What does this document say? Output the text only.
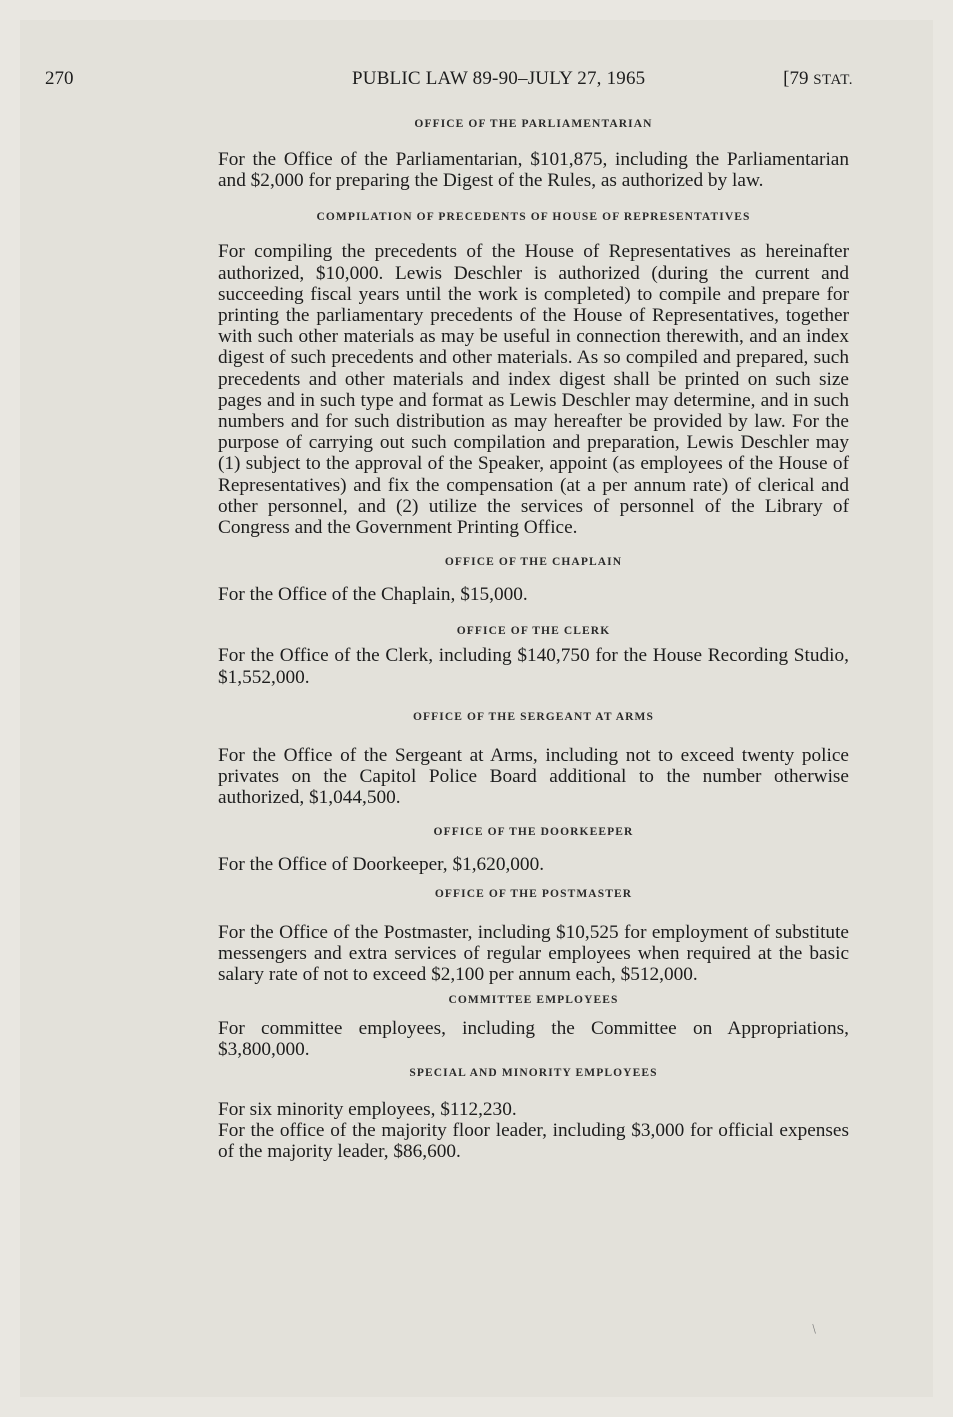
270	PUBLIC LAW 89-90–JULY 27, 1965	[79 STAT.
OFFICE OF THE PARLIAMENTARIAN

For the Office of the Parliamentarian, $101,875, including the Parliamentarian and $2,000 for preparing the Digest of the Rules, as authorized by law.

COMPILATION OF PRECEDENTS OF HOUSE OF REPRESENTATIVES

For compiling the precedents of the House of Representatives as hereinafter authorized, $10,000. Lewis Deschler is authorized (during the current and succeeding fiscal years until the work is completed) to compile and prepare for printing the parliamentary precedents of the House of Representatives, together with such other materials as may be useful in connection therewith, and an index digest of such precedents and other materials. As so compiled and prepared, such precedents and other materials and index digest shall be printed on such size pages and in such type and format as Lewis Deschler may determine, and in such numbers and for such distribution as may hereafter be provided by law. For the purpose of carrying out such compilation and preparation, Lewis Deschler may (1) subject to the approval of the Speaker, appoint (as employees of the House of Representatives) and fix the compensation (at a per annum rate) of clerical and other personnel, and (2) utilize the services of personnel of the Library of Congress and the Government Printing Office.

OFFICE OF THE CHAPLAIN

For the Office of the Chaplain, $15,000.

OFFICE OF THE CLERK

For the Office of the Clerk, including $140,750 for the House Recording Studio, $1,552,000.

OFFICE OF THE SERGEANT AT ARMS

For the Office of the Sergeant at Arms, including not to exceed twenty police privates on the Capitol Police Board additional to the number otherwise authorized, $1,044,500.

OFFICE OF THE DOORKEEPER

For the Office of Doorkeeper, $1,620,000.

OFFICE OF THE POSTMASTER

For the Office of the Postmaster, including $10,525 for employment of substitute messengers and extra services of regular employees when required at the basic salary rate of not to exceed $2,100 per annum each, $512,000.

COMMITTEE EMPLOYEES

For committee employees, including the Committee on Appropriations, $3,800,000.

SPECIAL AND MINORITY EMPLOYEES

For six minority employees, $112,230.

For the office of the majority floor leader, including $3,000 for official expenses of the majority leader, $86,600.

/
